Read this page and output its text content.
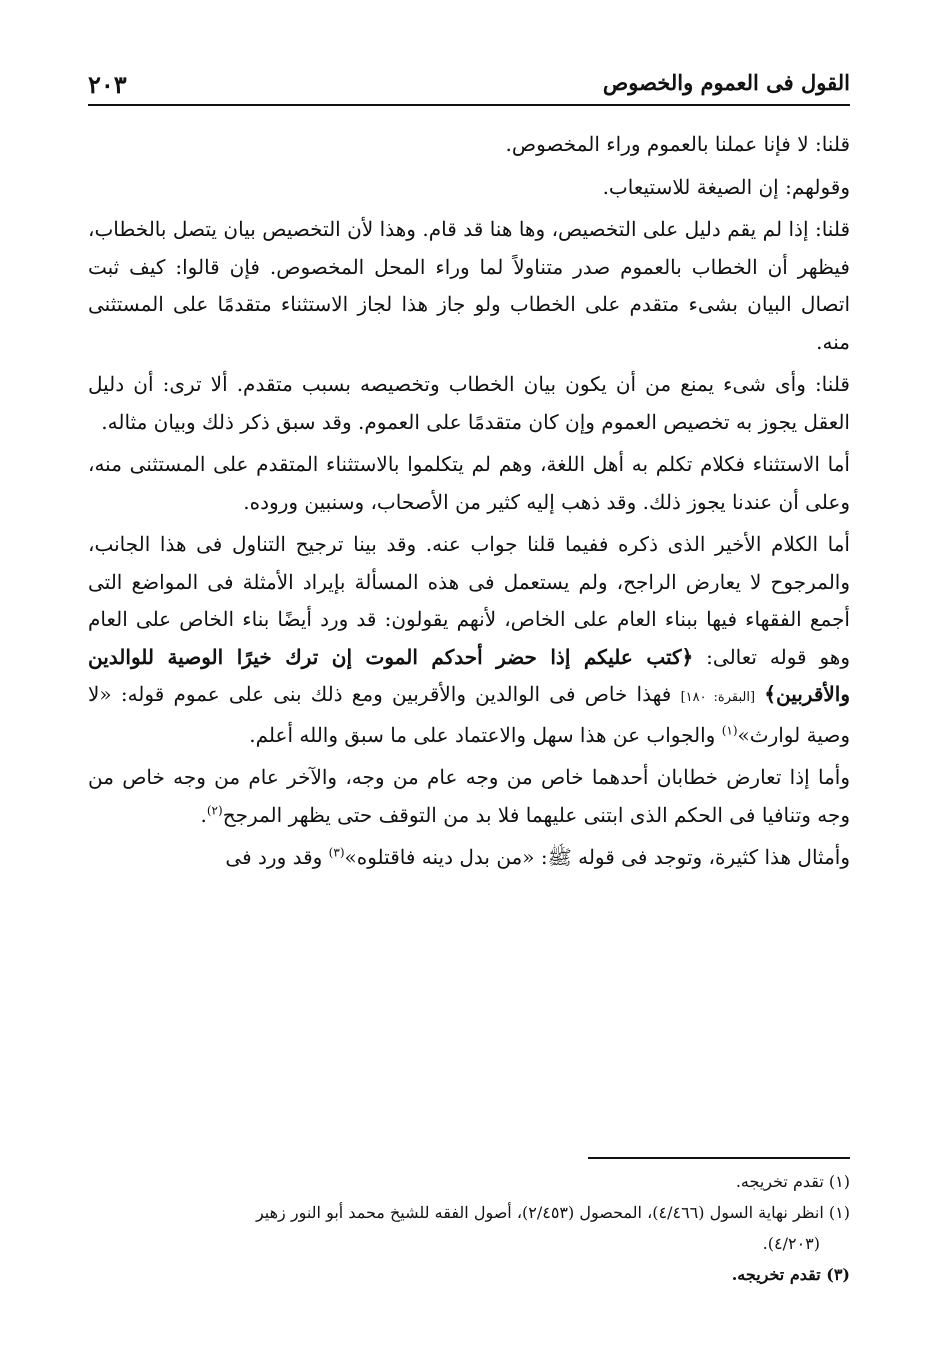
القول فى العموم والخصوص
٢٠٣

قلنا: لا فإنا عملنا بالعموم وراء المخصوص.

وقولهم: إن الصيغة للاستيعاب.

قلنا: إذا لم يقم دليل على التخصيص، وها هنا قد قام. وهذا لأن التخصيص بيان يتصل بالخطاب، فيظهر أن الخطاب بالعموم صدر متناولاً لما وراء المحل المخصوص. فإن قالوا: كيف ثبت اتصال البيان بشىء متقدم على الخطاب ولو جاز هذا لجاز الاستثناء متقدمًا على المستثنى منه.

قلنا: وأى شىء يمنع من أن يكون بيان الخطاب وتخصيصه بسبب متقدم. ألا ترى: أن دليل العقل يجوز به تخصيص العموم وإن كان متقدمًا على العموم. وقد سبق ذكر ذلك وبيان مثاله.

أما الاستثناء فكلام تكلم به أهل اللغة، وهم لم يتكلموا بالاستثناء المتقدم على المستثنى منه، وعلى أن عندنا يجوز ذلك. وقد ذهب إليه كثير من الأصحاب، وسنبين وروده.

أما الكلام الأخير الذى ذكره ففيما قلنا جواب عنه. وقد بينا ترجيح التناول فى هذا الجانب، والمرجوح لا يعارض الراجح، ولم يستعمل فى هذه المسألة بإيراد الأمثلة فى المواضع التى أجمع الفقهاء فيها ببناء العام على الخاص، لأنهم يقولون: قد ورد أيضًا بناء الخاص على العام وهو قوله تعالى: ﴿كتب عليكم إذا حضر أحدكم الموت إن ترك خيرًا الوصية للوالدين والأقربين﴾ [البقرة: ١٨٠] فهذا خاص فى الوالدين والأقربين ومع ذلك بنى على عموم قوله: «لا وصية لوارث»$^{(١)}$ والجواب عن هذا سهل والاعتماد على ما سبق والله أعلم.

وأما إذا تعارض خطابان أحدهما خاص من وجه عام من وجه، والآخر عام من وجه خاص من وجه وتنافيا فى الحكم الذى ابتنى عليهما فلا بد من التوقف حتى يظهر المرجح$^{(٢)}$.

وأمثال هذا كثيرة، وتوجد فى قوله ﷺ: «من بدل دينه فاقتلوه»$^{(٣)}$ وقد ورد فى

(١) تقدم تخريجه.

(١) انظر نهاية السول (٤/٤٦٦)، المحصول (٢/٤٥٣)، أصول الفقه للشيخ محمد أبو النور زهير

(٤/٢٠٣).

(٣) تقدم تخريجه.
